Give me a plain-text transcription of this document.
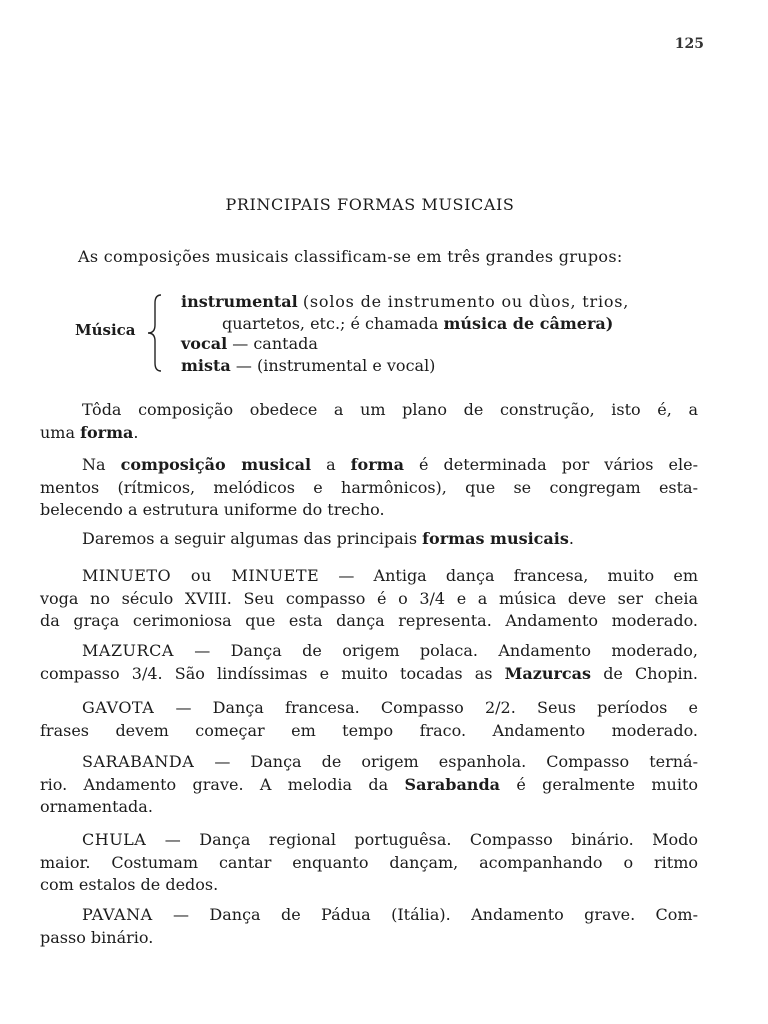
125
PRINCIPAIS FORMAS MUSICAIS
As composições musicais classificam-se em três grandes grupos:
Música
instrumental (solos de instrumento ou dùos, trios,
quartetos, etc.; é chamada música de câmera)
vocal — cantada
mista — (instrumental e vocal)
Tôda composição obedece a um plano de construção, isto é, a
uma forma.
Na composição musical a forma é determinada por vários ele-
mentos (rítmicos, melódicos e harmônicos), que se congregam esta-
belecendo a estrutura uniforme do trecho.
Daremos a seguir algumas das principais formas musicais.
MINUETO ou MINUETE — Antiga dança francesa, muito em
voga no século XVIII. Seu compasso é o 3/4 e a música deve ser cheia
da graça cerimoniosa que esta dança representa. Andamento moderado.
MAZURCA — Dança de origem polaca. Andamento moderado,
compasso 3/4. São lindíssimas e muito tocadas as Mazurcas de Chopin.
GAVOTA — Dança francesa. Compasso 2/2. Seus períodos e
frases devem começar em tempo fraco. Andamento moderado.
SARABANDA — Dança de origem espanhola. Compasso terná-
rio. Andamento grave. A melodia da Sarabanda é geralmente muito
ornamentada.
CHULA — Dança regional portuguêsa. Compasso binário. Modo
maior. Costumam cantar enquanto dançam, acompanhando o ritmo
com estalos de dedos.
PAVANA — Dança de Pádua (Itália). Andamento grave. Com-
passo binário.
